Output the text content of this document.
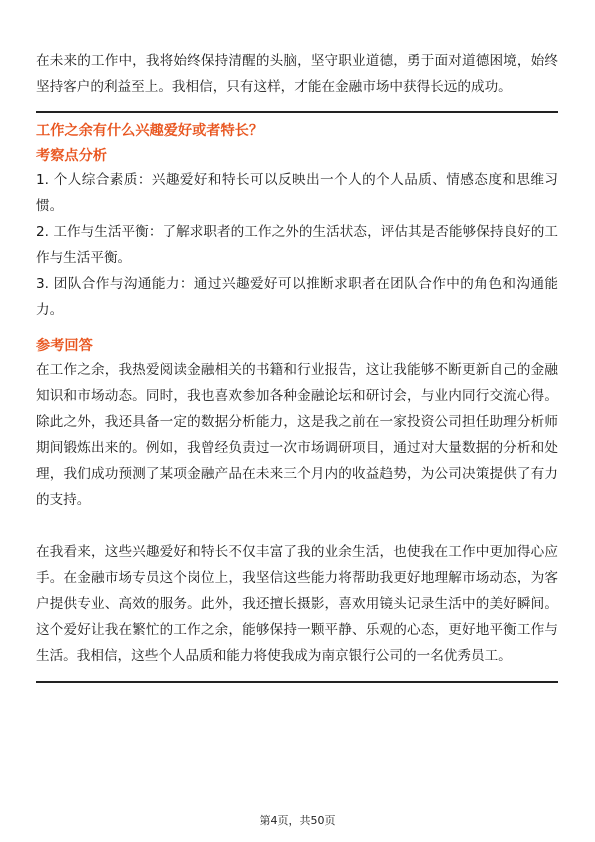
在未来的工作中，我将始终保持清醒的头脑，坚守职业道德，勇于面对道德困境，始终坚持客户的利益至上。我相信，只有这样，才能在金融市场中获得长远的成功。

工作之余有什么兴趣爱好或者特长？

考察点分析

1. 个人综合素质：兴趣爱好和特长可以反映出一个人的个人品质、情感态度和思维习惯。

2. 工作与生活平衡：了解求职者的工作之外的生活状态，评估其是否能够保持良好的工作与生活平衡。

3. 团队合作与沟通能力：通过兴趣爱好可以推断求职者在团队合作中的角色和沟通能力。

参考回答

在工作之余，我热爱阅读金融相关的书籍和行业报告，这让我能够不断更新自己的金融知识和市场动态。同时，我也喜欢参加各种金融论坛和研讨会，与业内同行交流心得。除此之外，我还具备一定的数据分析能力，这是我之前在一家投资公司担任助理分析师期间锻炼出来的。例如，我曾经负责过一次市场调研项目，通过对大量数据的分析和处理，我们成功预测了某项金融产品在未来三个月内的收益趋势，为公司决策提供了有力的支持。

在我看来，这些兴趣爱好和特长不仅丰富了我的业余生活，也使我在工作中更加得心应手。在金融市场专员这个岗位上，我坚信这些能力将帮助我更好地理解市场动态，为客户提供专业、高效的服务。此外，我还擅长摄影，喜欢用镜头记录生活中的美好瞬间。这个爱好让我在繁忙的工作之余，能够保持一颗平静、乐观的心态，更好地平衡工作与生活。我相信，这些个人品质和能力将使我成为南京银行公司的一名优秀员工。

第4页，共50页
